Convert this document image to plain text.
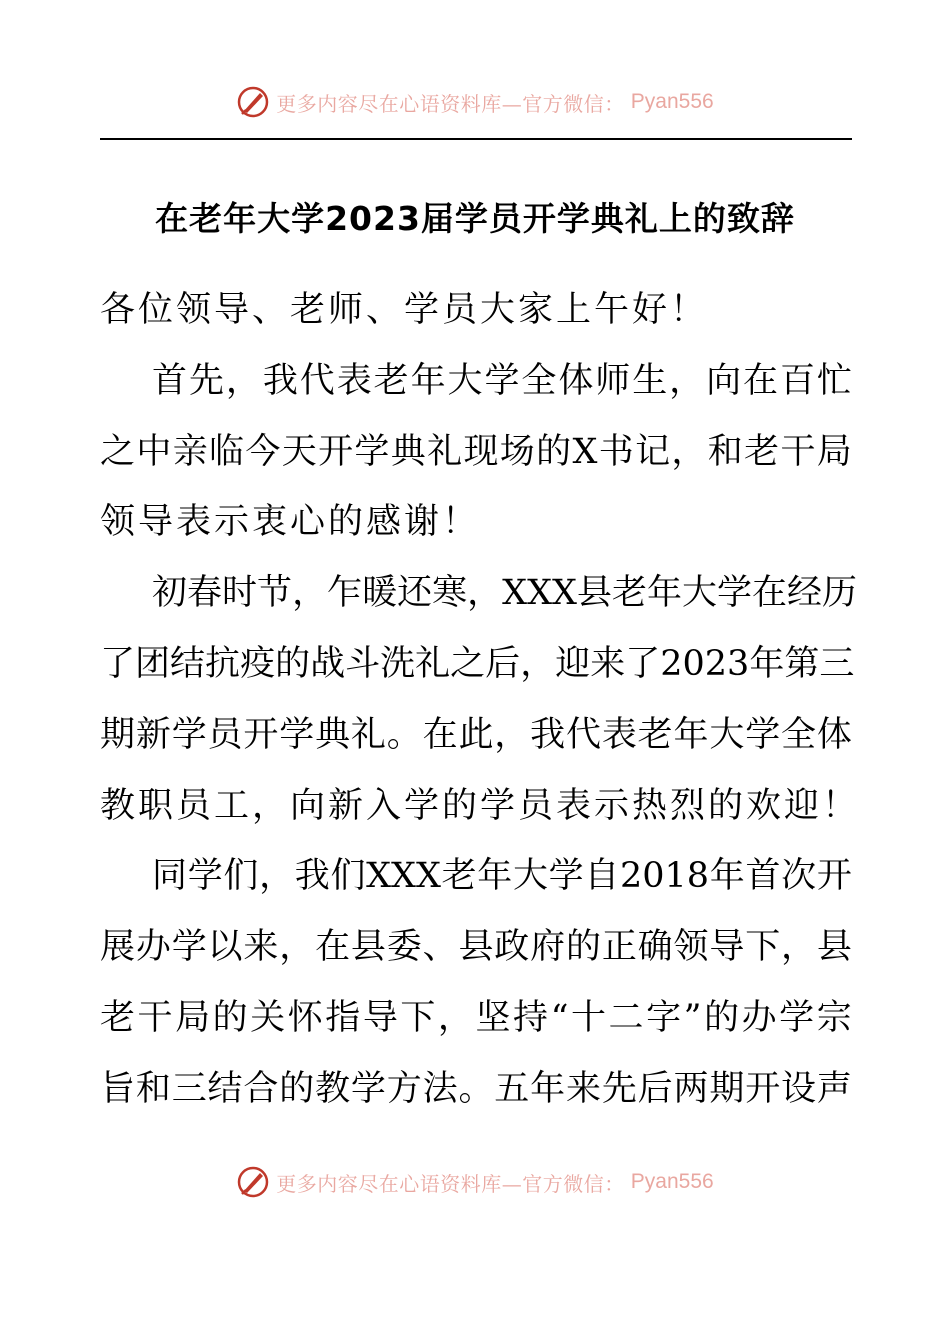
更多内容尽在心语资料库—官方微信： Pyan556
在老年大学2023届学员开学典礼上的致辞
各位领导、老师、学员大家上午好！
首 先 ， 我 代 表 老 年 大 学 全 体 师 生 ， 向 在 百 忙
之 中 亲 临 今 天 开 学 典 礼 现 场 的 X 书 记 ， 和 老 干 局
领导表示衷心的感谢！
初 春 时 节 ， 乍 暖 还 寒 ， XXX 县 老 年 大 学 在 经 历
了 团 结 抗 疫 的 战 斗 洗 礼 之 后 ， 迎 来 了 2023 年 第 三
期 新 学 员 开 学 典 礼 。 在 此 ， 我 代 表 老 年 大 学 全 体
教职员工，向新入学的学员表示热烈的欢迎！
同 学 们 ， 我 们 XXX 老 年 大 学 自 2018 年 首 次 开
展 办 学 以 来 ， 在 县 委 、 县 政 府 的 正 确 领 导 下 ， 县
老 干 局 的 关 怀 指 导 下 ， 坚 持 “ 十 二 字 ” 的 办 学 宗
旨 和 三 结 合 的 教 学 方 法 。 五 年 来 先 后 两 期 开 设 声
更多内容尽在心语资料库—官方微信： Pyan556
